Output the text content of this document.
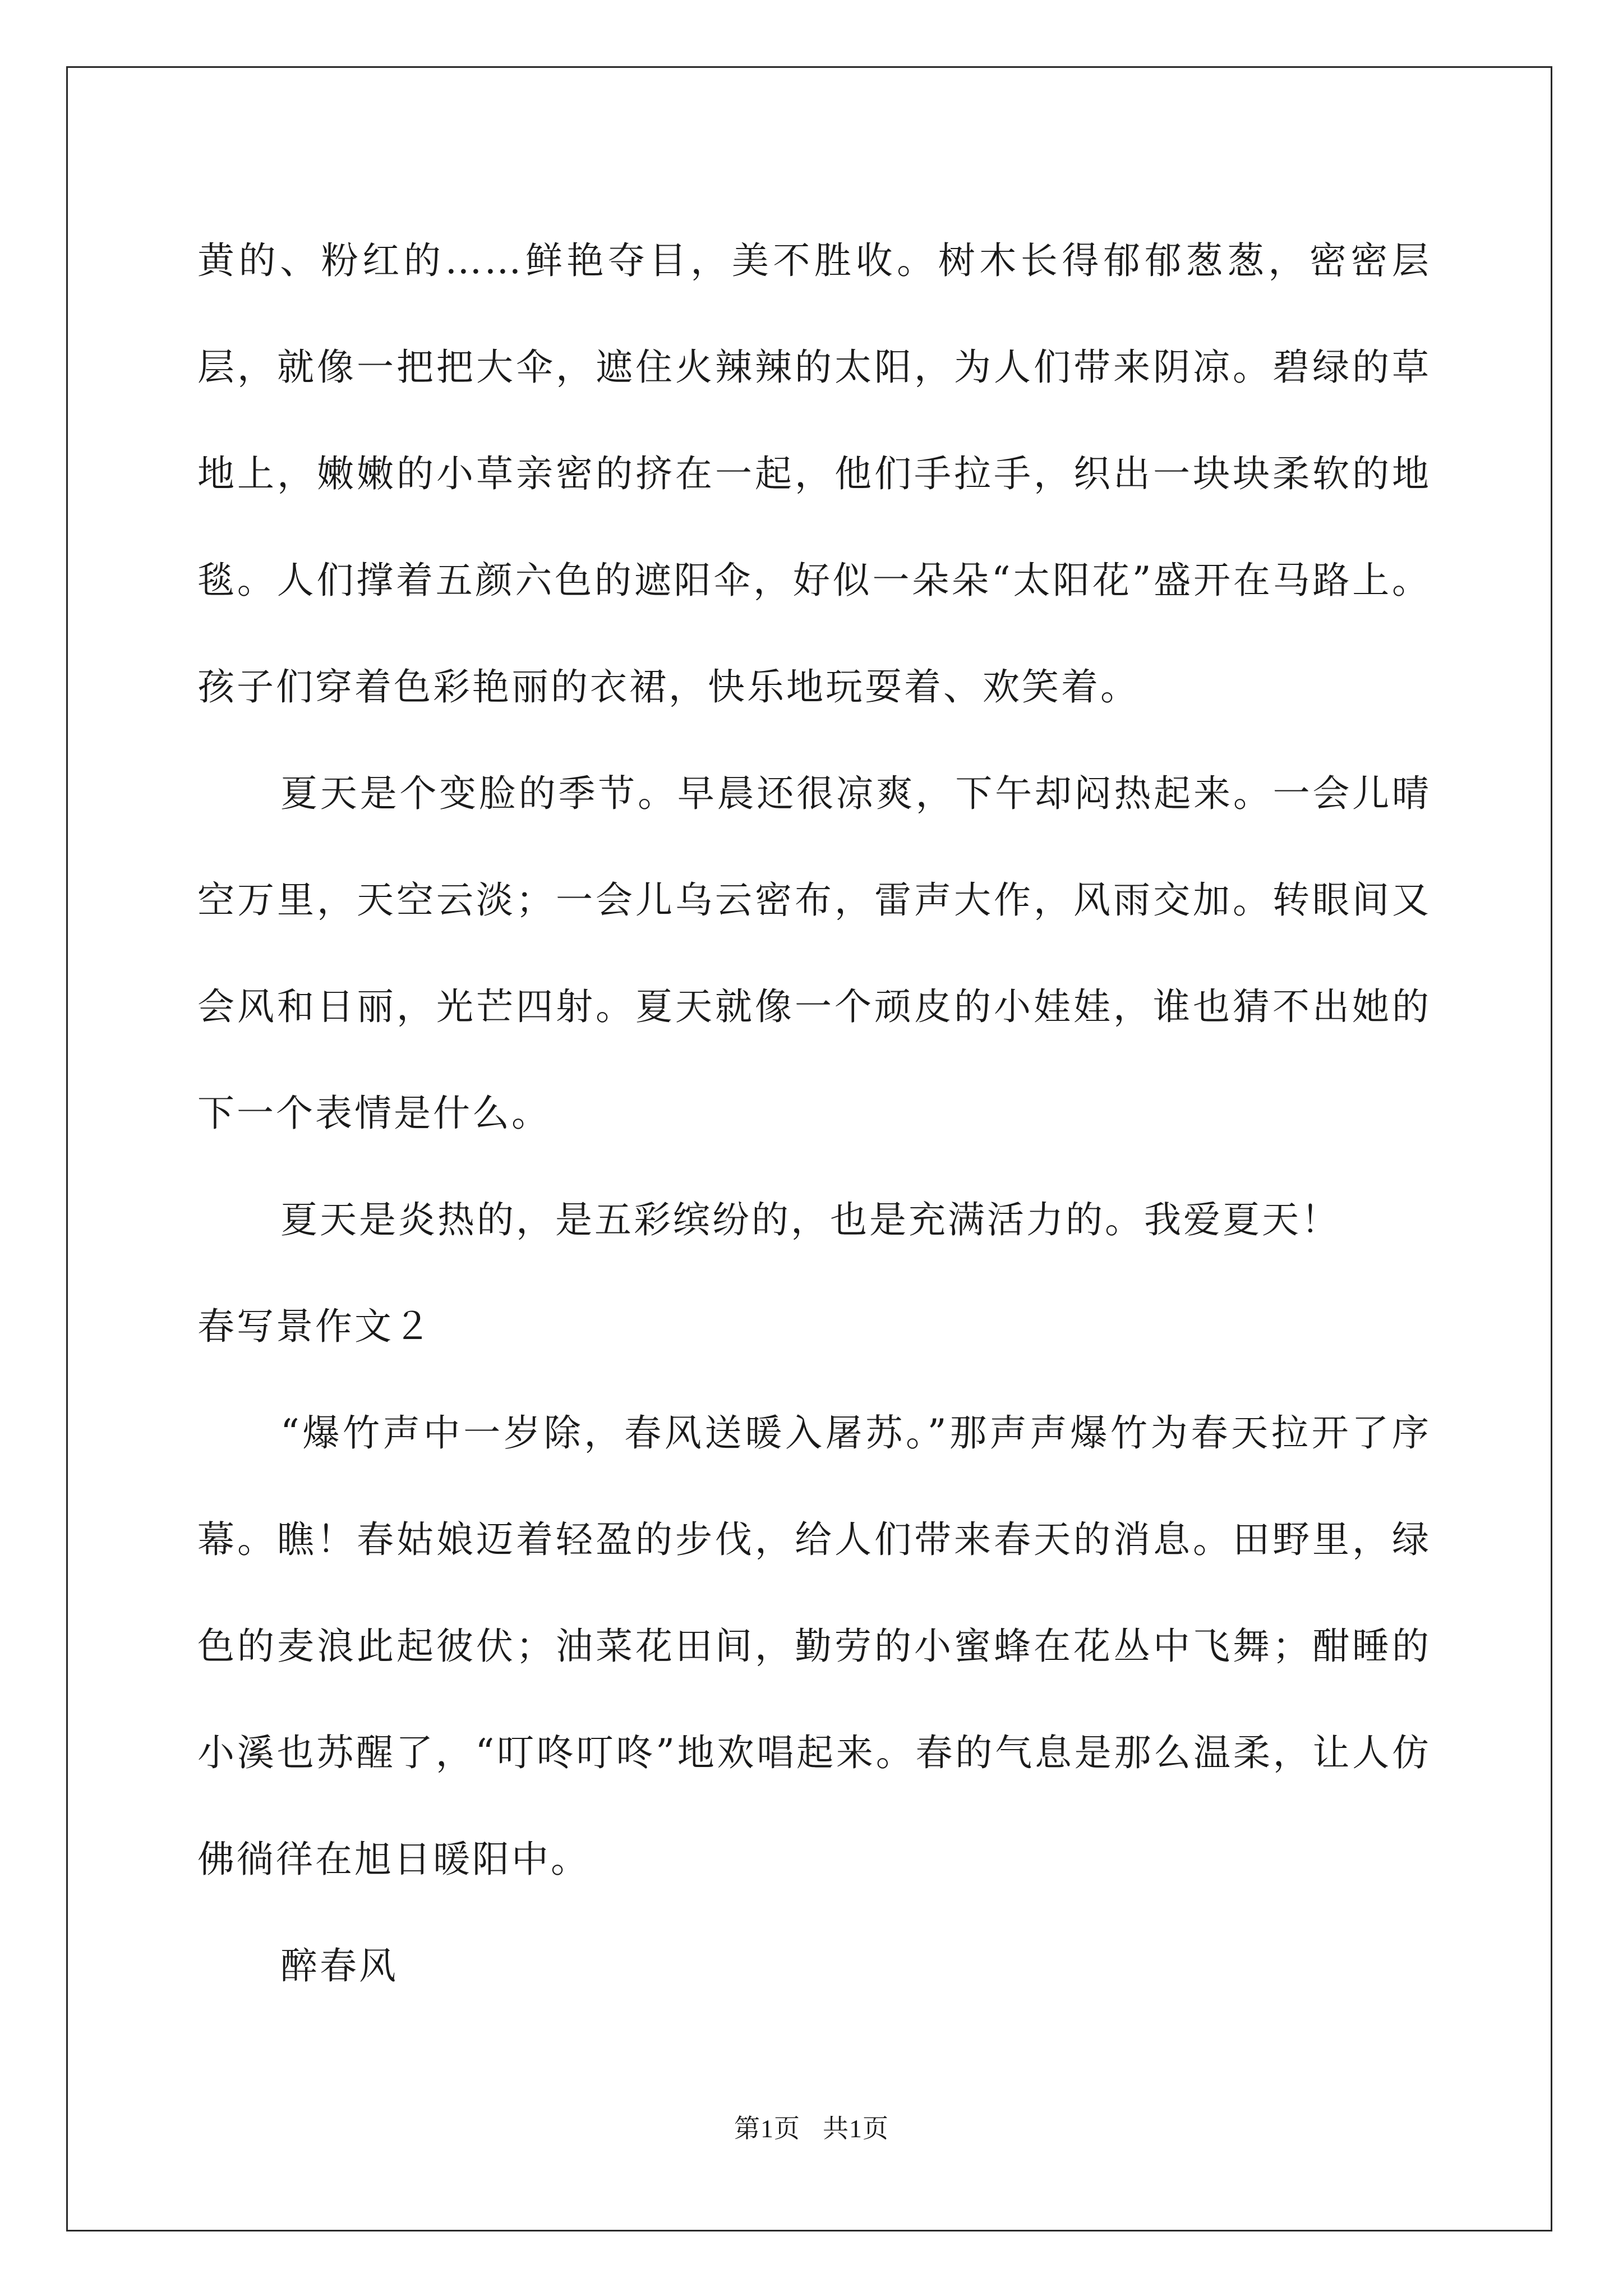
黄的、粉红的……鲜艳夺目，美不胜收。树木长得郁郁葱葱，密密层层，就像一把把大伞，遮住火辣辣的太阳，为人们带来阴凉。碧绿的草地上，嫩嫩的小草亲密的挤在一起，他们手拉手，织出一块块柔软的地毯。人们撑着五颜六色的遮阳伞，好似一朵朵“太阳花”盛开在马路上。孩子们穿着色彩艳丽的衣裙，快乐地玩耍着、欢笑着。

夏天是个变脸的季节。早晨还很凉爽，下午却闷热起来。一会儿晴空万里，天空云淡；一会儿乌云密布，雷声大作，风雨交加。转眼间又会风和日丽，光芒四射。夏天就像一个顽皮的小娃娃，谁也猜不出她的下一个表情是什么。

夏天是炎热的，是五彩缤纷的，也是充满活力的。我爱夏天！

春写景作文２

“爆竹声中一岁除，春风送暖入屠苏。”那声声爆竹为春天拉开了序幕。瞧！春姑娘迈着轻盈的步伐，给人们带来春天的消息。田野里，绿色的麦浪此起彼伏；油菜花田间，勤劳的小蜜蜂在花丛中飞舞；酣睡的小溪也苏醒了，“叮咚叮咚”地欢唱起来。春的气息是那么温柔，让人仿佛徜徉在旭日暖阳中。

醉春风

第1页 共1页
